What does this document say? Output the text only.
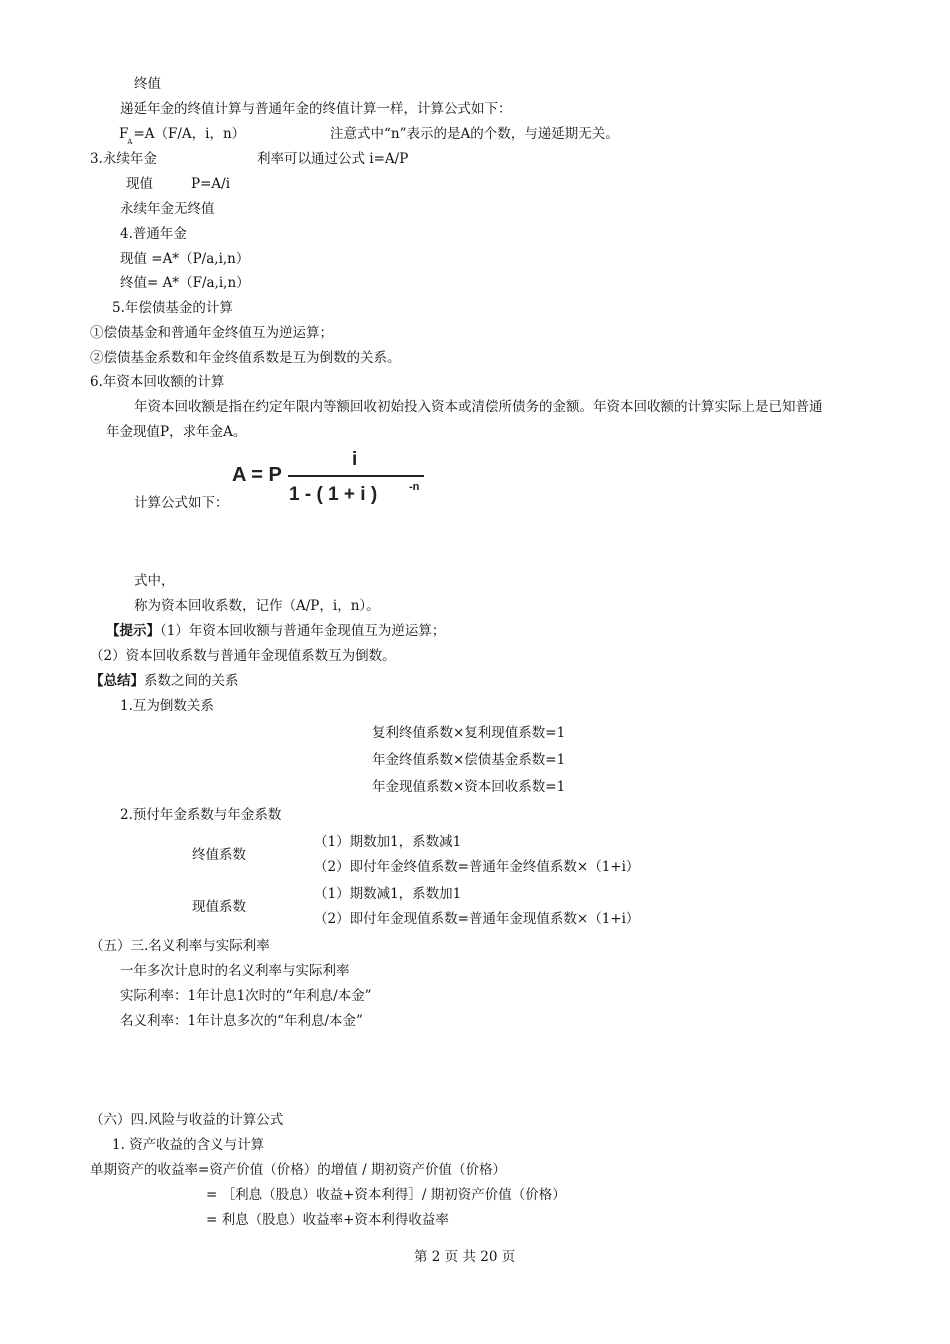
终值
递延年金的终值计算与普通年金的终值计算一样，计算公式如下：
$F_A=A(F/A$，i，n）	注意式中“n”表示的是A的个数，与递延期无关。
3.永续年金	利率可以通过公式 i=A/P
现值	P=A/i
永续年金无终值
4.普通年金
现值 =A*（P/a,i,n）
终值= A*（F/a,i,n）
5.年偿债基金的计算
①偿债基金和普通年金终值互为逆运算；
②偿债基金系数和年金终值系数是互为倒数的关系。
6.年资本回收额的计算
年资本回收额是指在约定年限内等额回收初始投入资本或清偿所债务的金额。年资本回收额的计算实际上是已知普通
年金现值P，求年金A。
A = P
i
1 - ( 1 + i )	-n
计算公式如下：
式中，
称为资本回收系数，记作（A/P，i，n）。
【提示】（1）年资本回收额与普通年金现值互为逆运算；
（2）资本回收系数与普通年金现值系数互为倒数。
【总结】系数之间的关系
1.互为倒数关系
复利终值系数×复利现值系数=1
年金终值系数×偿债基金系数=1
年金现值系数×资本回收系数=1
2.预付年金系数与年金系数
终值系数
（1）期数加1，系数减1
（2）即付年金终值系数=普通年金终值系数×（1+i）
现值系数
（1）期数减1，系数加1
（2）即付年金现值系数=普通年金现值系数×（1+i）
（五）三.名义利率与实际利率
一年多次计息时的名义利率与实际利率
实际利率：1年计息1次时的“年利息/本金”
名义利率：1年计息多次的“年利息/本金”
（六）四.风险与收益的计算公式
1. 资产收益的含义与计算
单期资产的收益率=资产价值（价格）的增值 / 期初资产价值（价格）
= ［利息（股息）收益+资本利得］/ 期初资产价值（价格）
= 利息（股息）收益率+资本利得收益率
第 2 页 共 20 页
